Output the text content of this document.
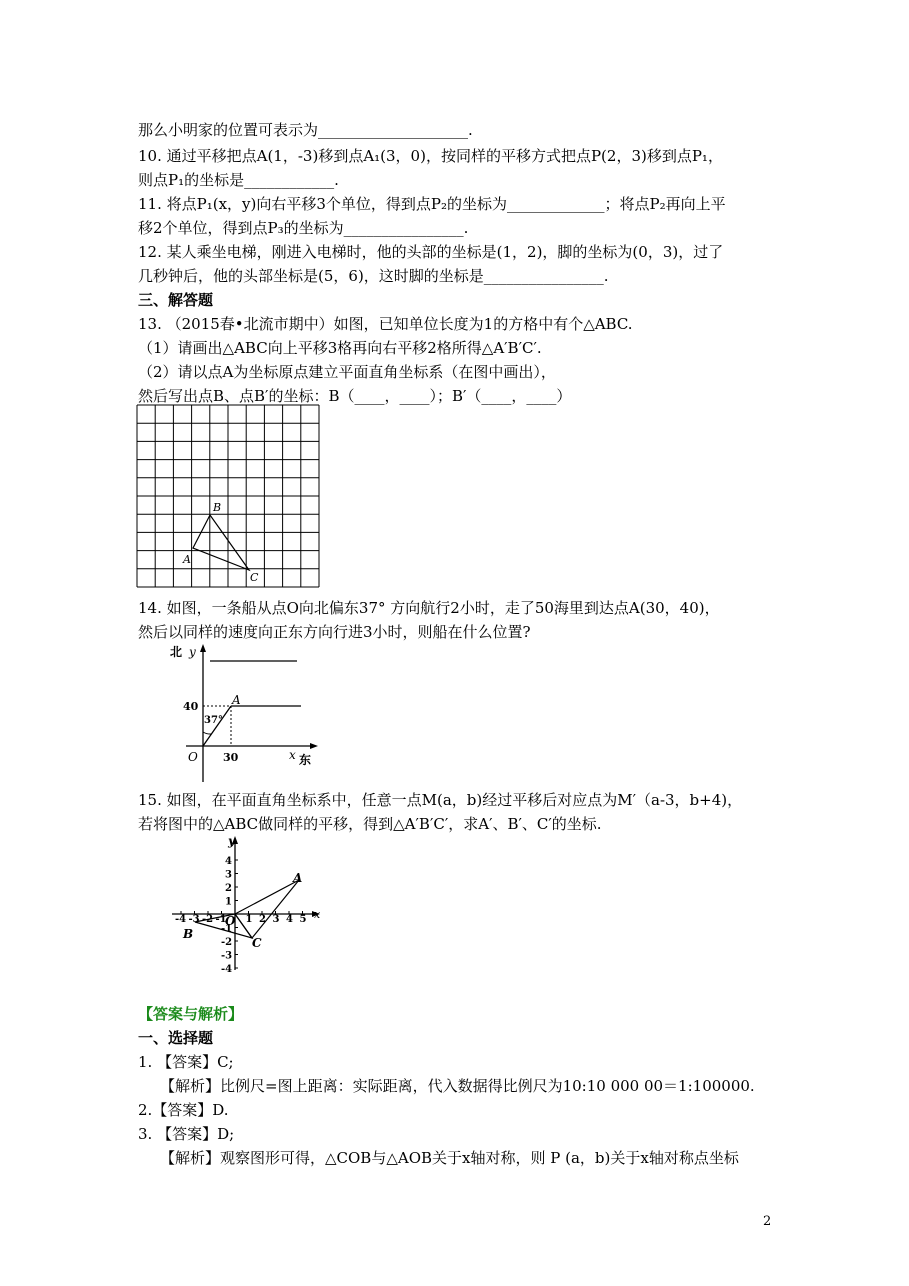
那么小明家的位置可表示为____________________.
10. 通过平移把点A(1，-3)移到点A₁(3，0)，按同样的平移方式把点P(2，3)移到点P₁，
则点P₁的坐标是____________.
11. 将点P₁(x，y)向右平移3个单位，得到点P₂的坐标为_____________；将点P₂再向上平
移2个单位，得到点P₃的坐标为________________.
12. 某人乘坐电梯，刚进入电梯时，他的头部的坐标是(1，2)，脚的坐标为(0，3)，过了
几秒钟后，他的头部坐标是(5，6)，这时脚的坐标是________________.
三、解答题
13. （2015春•北流市期中）如图，已知单位长度为1的方格中有个△ABC.
（1）请画出△ABC向上平移3格再向右平移2格所得△A′B′C′.
（2）请以点A为坐标原点建立平面直角坐标系（在图中画出），
然后写出点B、点B′的坐标：B（____，____）；B′（____，____）
A
B
C
14. 如图，一条船从点O向北偏东37° 方向航行2小时，走了50海里到达点A(30，40)，
然后以同样的速度向正东方向行进3小时，则船在什么位置?
北 y
40	A
37°
O 30	x 东
15. 如图，在平面直角坐标系中，任意一点M(a，b)经过平移后对应点为M′（a-3，b+4)，
若将图中的△ABC做同样的平移，得到△A′B′C′，求A′、B′、C′的坐标.
-4 -3 -2 -1 1 2 3 4 5
4
3
2
1
-1
-2
-3
-4
y
x
O
A
B
C
【答案与解析】
一、选择题
1. 【答案】C;
【解析】比例尺=图上距离：实际距离，代入数据得比例尺为10:10 000 00＝1:100000.
2.【答案】D.
3. 【答案】D;
【解析】观察图形可得，△COB与△AOB关于x轴对称，则 P (a，b)关于x轴对称点坐标
2
